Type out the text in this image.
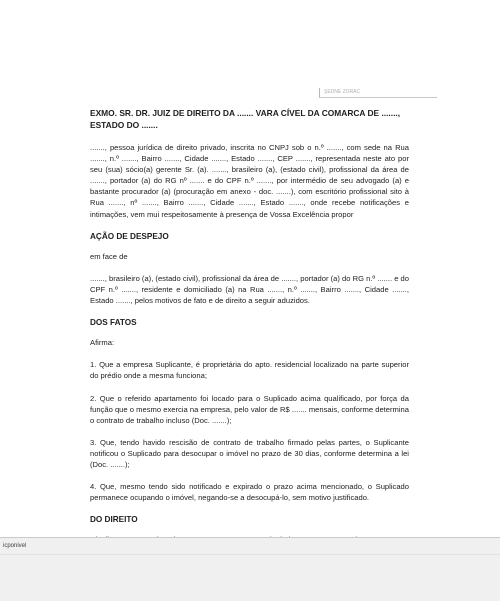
ŞEDNE ZORAC

EXMO. SR. DR. JUIZ DE DIREITO DA ....... VARA CÍVEL DA COMARCA DE ......., ESTADO DO .......

......., pessoa jurídica de direito privado, inscrita no CNPJ sob o n.º ......., com sede na Rua ......., n.º ......., Bairro ......., Cidade ......., Estado ......., CEP ......., representada neste ato por seu (sua) sócio(a) gerente Sr. (a). ......., brasileiro (a), (estado civil), profissional da área de ......., portador (a) do RG nº ....... e do CPF n.º ......., por intermédio de seu advogado (a) e bastante procurador (a) (procuração em anexo - doc. .......), com escritório profissional sito à Rua ......., nº ......., Bairro ......., Cidade ......., Estado ......., onde recebe notificações e intimações, vem mui respeitosamente à presença de Vossa Excelência propor

AÇÃO DE DESPEJO

em face de

......., brasileiro (a), (estado civil), profissional da área de ......., portador (a) do RG n.º ....... e do CPF n.º ......., residente e domiciliado (a) na Rua ......., n.º ......., Bairro ......., Cidade ......., Estado ......., pelos motivos de fato e de direito a seguir aduzidos.

DOS FATOS

Afirma:

1. Que a empresa Suplicante, é proprietária do apto. residencial localizado na parte superior do prédio onde a mesma funciona;

2. Que o referido apartamento foi locado para o Suplicado acima qualificado, por força da função que o mesmo exercia na empresa, pelo valor de R$ ....... mensais, conforme determina o contrato de trabalho incluso (Doc. .......);

3. Que, tendo havido rescisão de contrato de trabalho firmado pelas partes, o Suplicante notificou o Suplicado para desocupar o imóvel no prazo de 30 dias, conforme determina a lei (Doc. .......);

4. Que, mesmo tendo sido notificado e expirado o prazo acima mencionado, o Suplicado permanece ocupando o imóvel, negando-se a desocupá-lo, sem motivo justificado.

DO DIREITO

icponivel
